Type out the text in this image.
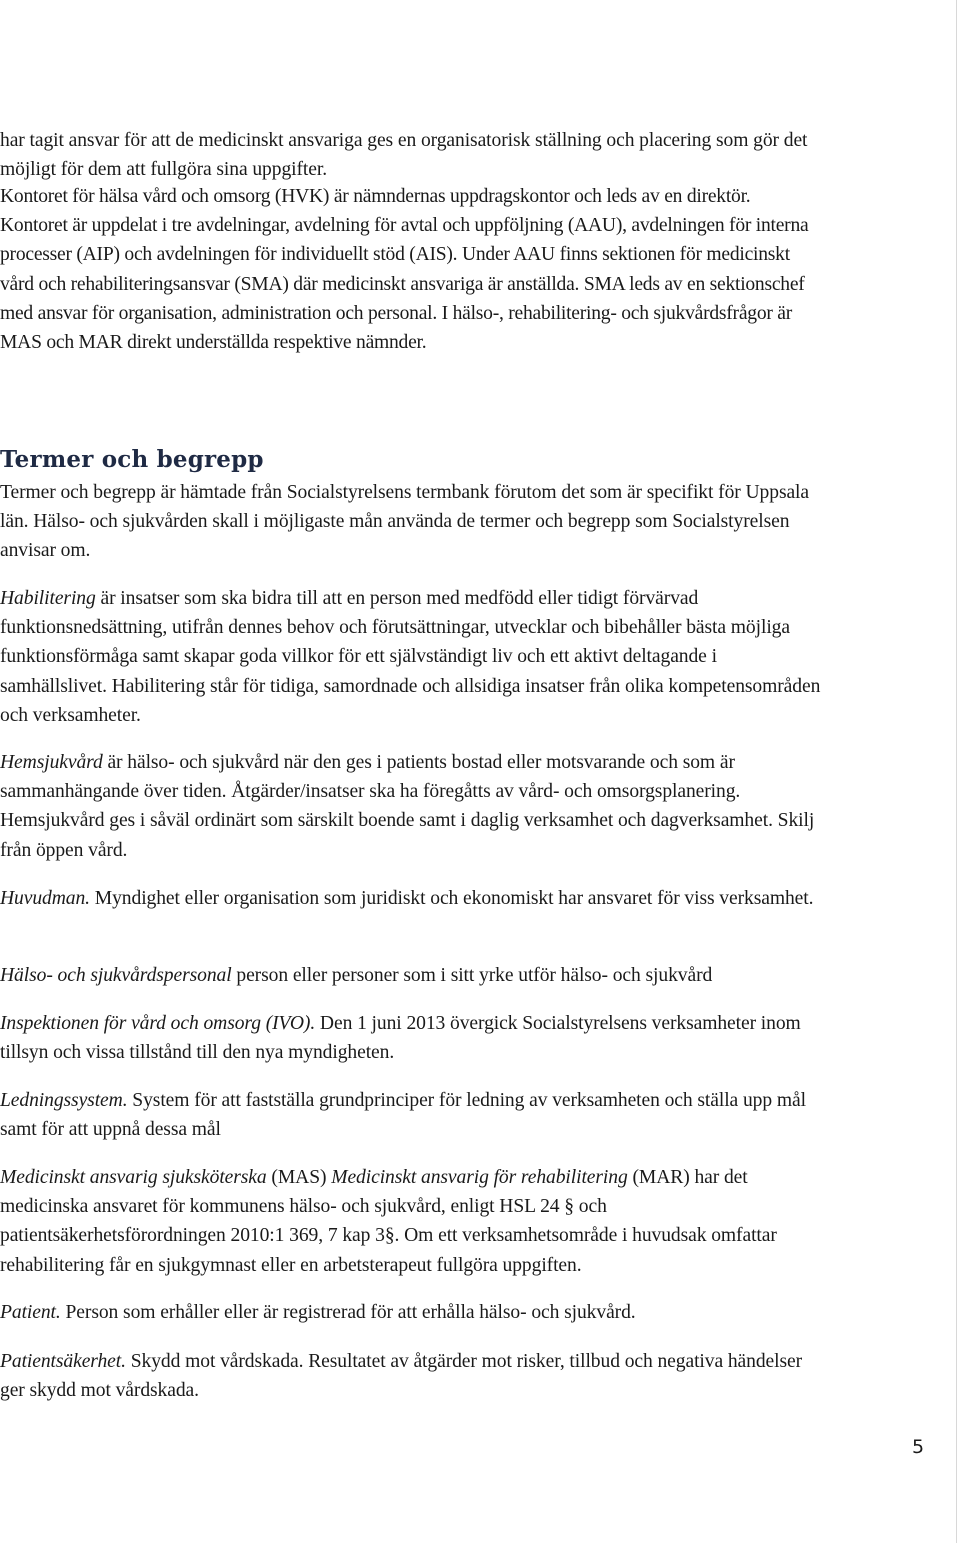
har tagit ansvar för att de medicinskt ansvariga ges en organisatorisk ställning och placering som gör det möjligt för dem att fullgöra sina uppgifter.

Kontoret för hälsa vård och omsorg (HVK) är nämndernas uppdragskontor och leds av en direktör. Kontoret är uppdelat i tre avdelningar, avdelning för avtal och uppföljning (AAU), avdelningen för interna processer (AIP) och avdelningen för individuellt stöd (AIS). Under AAU finns sektionen för medicinskt vård och rehabiliteringsansvar (SMA) där medicinskt ansvariga är anställda. SMA leds av en sektionschef med ansvar för organisation, administration och personal. I hälso-, rehabilitering- och sjukvårdsfrågor är MAS och MAR direkt underställda respektive nämnder.

Termer och begrepp

Termer och begrepp är hämtade från Socialstyrelsens termbank förutom det som är specifikt för Uppsala län. Hälso- och sjukvården skall i möjligaste mån använda de termer och begrepp som Socialstyrelsen anvisar om.

Habilitering är insatser som ska bidra till att en person med medfödd eller tidigt förvärvad funktionsnedsättning, utifrån dennes behov och förutsättningar, utvecklar och bibehåller bästa möjliga funktionsförmåga samt skapar goda villkor för ett självständigt liv och ett aktivt deltagande i samhällslivet. Habilitering står för tidiga, samordnade och allsidiga insatser från olika kompetensområden och verksamheter.

Hemsjukvård är hälso- och sjukvård när den ges i patients bostad eller motsvarande och som är sammanhängande över tiden. Åtgärder/insatser ska ha föregåtts av vård- och omsorgsplanering. Hemsjukvård ges i såväl ordinärt som särskilt boende samt i daglig verksamhet och dagverksamhet. Skilj från öppen vård.

Huvudman. Myndighet eller organisation som juridiskt och ekonomiskt har ansvaret för viss verksamhet.

Hälso- och sjukvårdspersonal person eller personer som i sitt yrke utför hälso- och sjukvård

Inspektionen för vård och omsorg (IVO). Den 1 juni 2013 övergick Socialstyrelsens verksamheter inom tillsyn och vissa tillstånd till den nya myndigheten.

Ledningssystem. System för att fastställa grundprinciper för ledning av verksamheten och ställa upp mål samt för att uppnå dessa mål

Medicinskt ansvarig sjuksköterska (MAS) Medicinskt ansvarig för rehabilitering (MAR) har det medicinska ansvaret för kommunens hälso- och sjukvård, enligt HSL 24 § och patientsäkerhetsförordningen 2010:1 369, 7 kap 3§. Om ett verksamhetsområde i huvudsak omfattar rehabilitering får en sjukgymnast eller en arbetsterapeut fullgöra uppgiften.

Patient. Person som erhåller eller är registrerad för att erhålla hälso- och sjukvård.

Patientsäkerhet. Skydd mot vårdskada. Resultatet av åtgärder mot risker, tillbud och negativa händelser ger skydd mot vårdskada.

5
